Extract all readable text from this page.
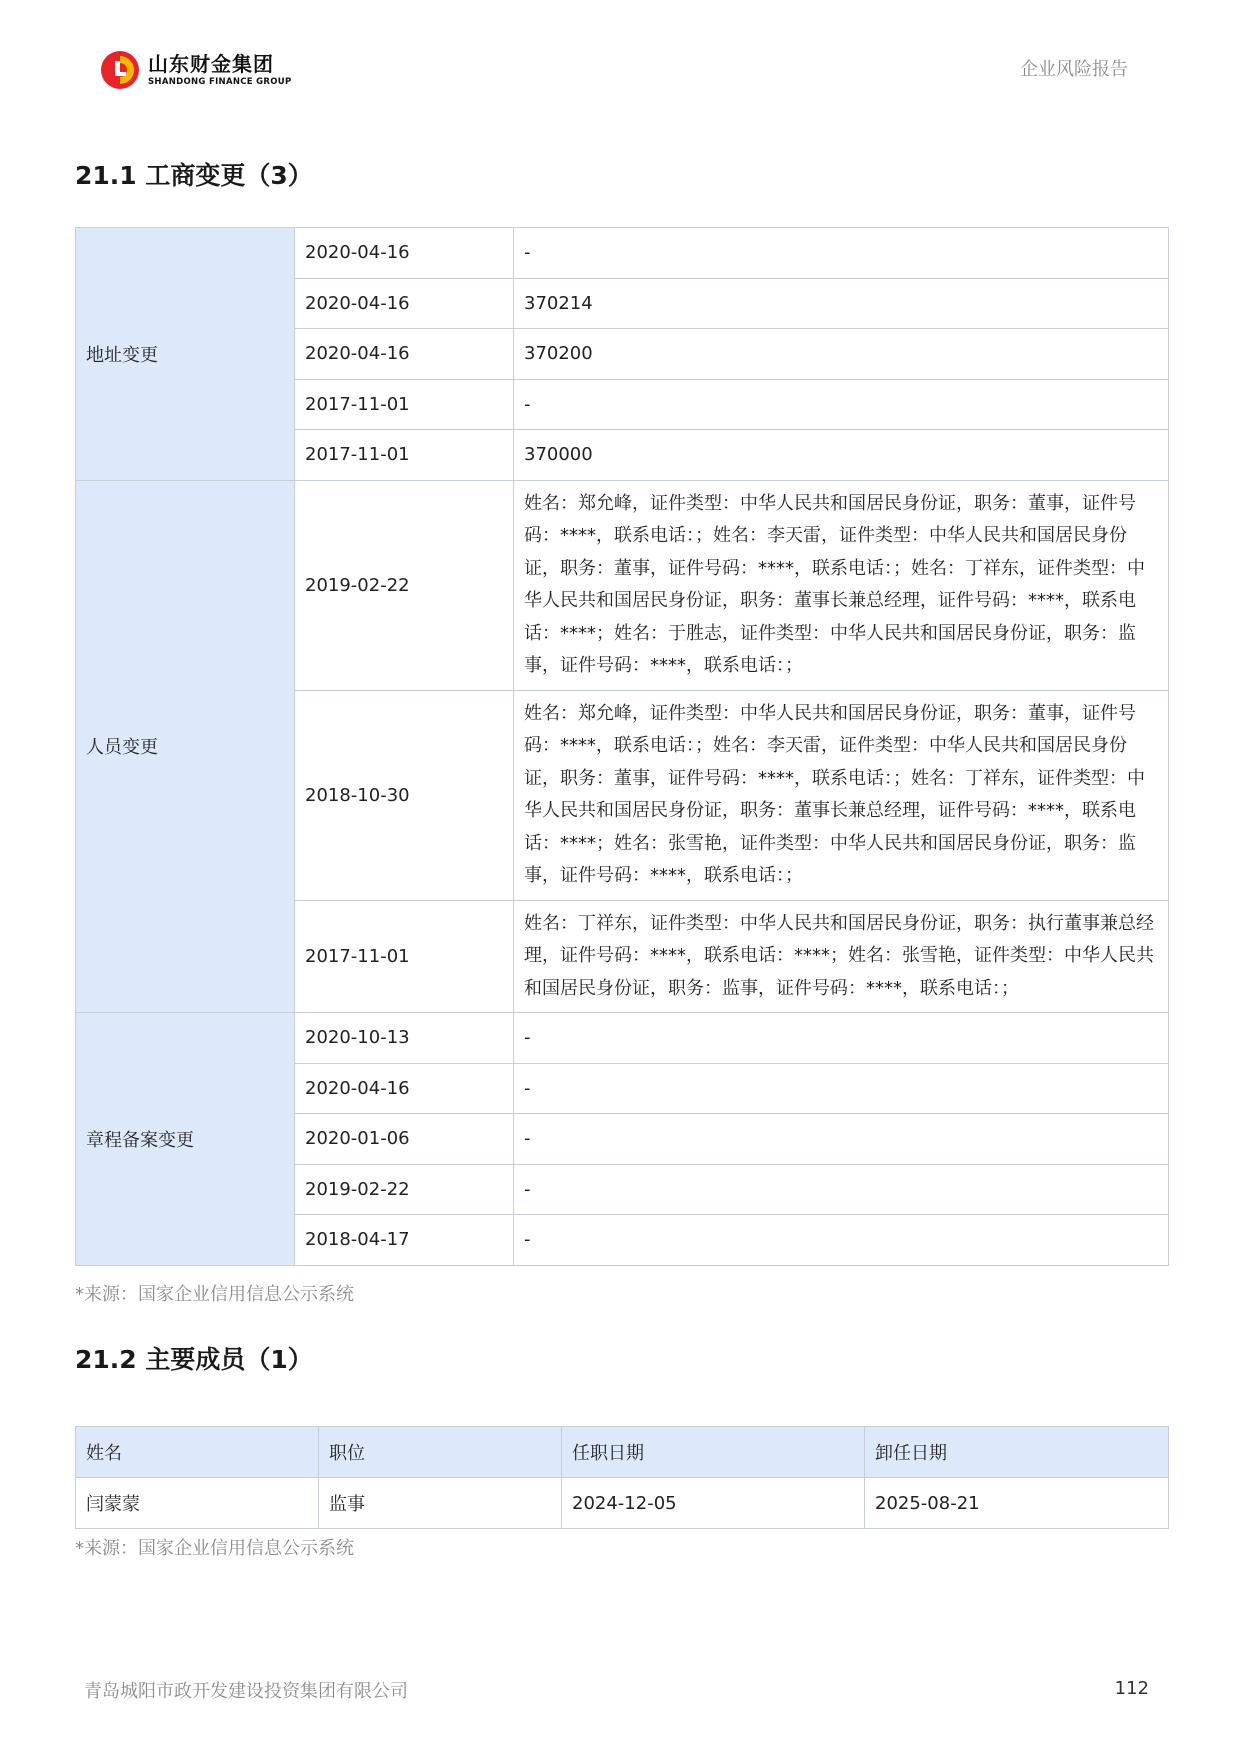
山东财金集团
SHANDONG FINANCE GROUP
企业风险报告
21.1 工商变更（3）
地址变更	2020-04-16	-
	2020-04-16	370214
	2020-04-16	370200
	2017-11-01	-
	2017-11-01	370000
人员变更	2019-02-22	姓名：郑允峰，证件类型：中华人民共和国居民身份证，职务：董事，证件号码：****，联系电话：；姓名：李天雷，证件类型：中华人民共和国居民身份证，职务：董事，证件号码：****，联系电话：；姓名：丁祥东，证件类型：中华人民共和国居民身份证，职务：董事长兼总经理，证件号码：****，联系电话：****；姓名：于胜志，证件类型：中华人民共和国居民身份证，职务：监事，证件号码：****，联系电话：；
	2018-10-30	姓名：郑允峰，证件类型：中华人民共和国居民身份证，职务：董事，证件号码：****，联系电话：；姓名：李天雷，证件类型：中华人民共和国居民身份证，职务：董事，证件号码：****，联系电话：；姓名：丁祥东，证件类型：中华人民共和国居民身份证，职务：董事长兼总经理，证件号码：****，联系电话：****；姓名：张雪艳，证件类型：中华人民共和国居民身份证，职务：监事，证件号码：****，联系电话：；
	2017-11-01	姓名：丁祥东，证件类型：中华人民共和国居民身份证，职务：执行董事兼总经理，证件号码：****，联系电话：****；姓名：张雪艳，证件类型：中华人民共和国居民身份证，职务：监事，证件号码：****，联系电话：；
章程备案变更	2020-10-13	-
	2020-04-16	-
	2020-01-06	-
	2019-02-22	-
	2018-04-17	-
*来源：国家企业信用信息公示系统
21.2 主要成员（1）
姓名	职位	任职日期	卸任日期
闫蒙蒙	监事	2024-12-05	2025-08-21
*来源：国家企业信用信息公示系统
青岛城阳市政开发建设投资集团有限公司	112
